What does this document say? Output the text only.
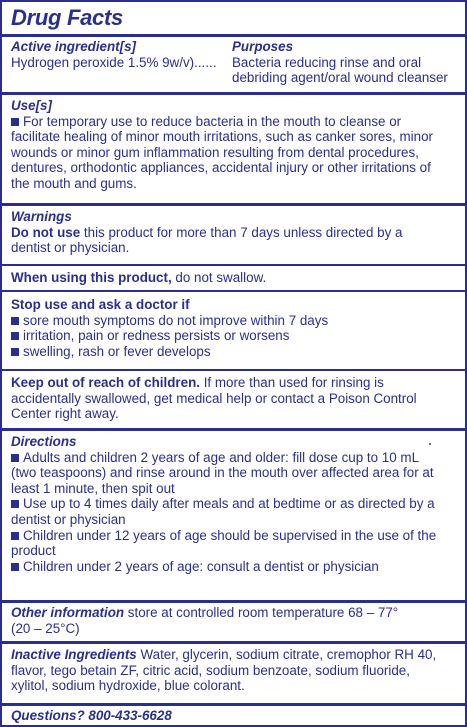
Drug Facts
Active ingredient[s]
Hydrogen peroxide 1.5% 9w/v)......
Purposes
Bacteria reducing rinse and oral
debriding agent/oral wound cleanser
Use[s]
For temporary use to reduce bacteria in the mouth to cleanse or
facilitate healing of minor mouth irritations, such as canker sores, minor
wounds or minor gum inflammation resulting from dental procedures,
dentures, orthodontic appliances, accidental injury or other irritations of
the mouth and gums.
Warnings
Do not use this product for more than 7 days unless directed by a
dentist or physician.
When using this product, do not swallow.
Stop use and ask a doctor if
sore mouth symptoms do not improve within 7 days
irritation, pain or redness persists or worsens
swelling, rash or fever develops
Keep out of reach of children. If more than used for rinsing is
accidentally swallowed, get medical help or contact a Poison Control
Center right away.
Directions
Adults and children 2 years of age and older: fill dose cup to 10 mL
(two teaspoons) and rinse around in the mouth over affected area for at
least 1 minute, then spit out
Use up to 4 times daily after meals and at bedtime or as directed by a
dentist or physician
Children under 12 years of age should be supervised in the use of the
product
Children under 2 years of age: consult a dentist or physician
Other information store at controlled room temperature 68 – 77°
(20 – 25°C)
Inactive Ingredients Water, glycerin, sodium citrate, cremophor RH 40,
flavor, tego betain ZF, citric acid, sodium benzoate, sodium fluoride,
xylitol, sodium hydroxide, blue colorant.
Questions? 800-433-6628
